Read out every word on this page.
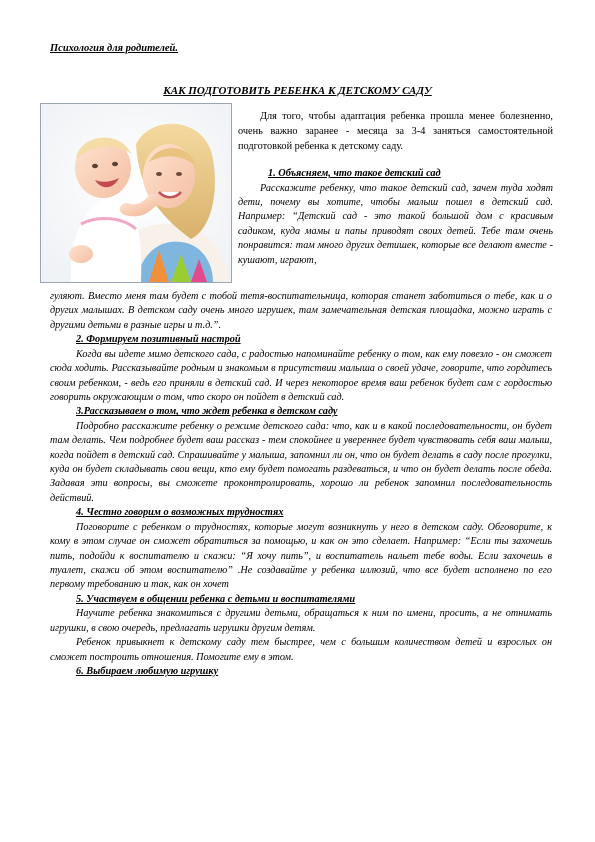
Психология для родителей.

КАК ПОДГОТОВИТЬ РЕБЕНКА К ДЕТСКОМУ САДУ

Для того, чтобы адаптация ребенка прошла менее болезненно, очень важно заранее - месяца за 3-4 заняться самостоятельной подготовкой ребенка к детскому саду.

1. Объясняем, что такое детский сад

Расскажите ребенку, что такое детский сад, зачем туда ходят дети, почему вы хотите, чтобы малыш пошел в детский сад. Например: “Детский сад - это такой большой дом с красивым садиком, куда мамы и папы приводят своих детей. Тебе там очень понравится: там много других детишек, которые все делают вместе - кушают, играют,

гуляют. Вместо меня там будет с тобой тетя-воспитательница, которая станет заботиться о тебе, как и о других малышах. В детском саду очень много игрушек, там замечательная детская площадка, можно играть с другими детьми в разные игры и т.д.”.

2. Формируем позитивный настрой

Когда вы идете мимо детского сада, с радостью напоминайте ребенку о том, как ему повезло - он сможет сюда ходить. Рассказывайте родным и знакомым в присутствии малыша о своей удаче, говорите, что гордитесь своим ребенком, - ведь его приняли в детский сад. И через некоторое время ваш ребенок будет сам с гордостью говорить окружающим о том, что скоро он пойдет в детский сад.

3.Рассказываем о том, что ждет ребенка в детском саду

Подробно расскажите ребенку о режиме детского сада: что, как и в какой последовательности, он будет там делать. Чем подробнее будет ваш рассказ - тем спокойнее и увереннее будет чувствовать себя ваш малыш, когда пойдет в детский сад. Спрашивайте у малыша, запомнил ли он, что он будет делать в саду после прогулки, куда он будет складывать свои вещи, кто ему будет помогать раздеваться, и что он будет делать после обеда. Задавая эти вопросы, вы сможете проконтролировать, хорошо ли ребенок запомнил последовательность действий.

4. Честно говорим о возможных трудностях

Поговорите с ребенком о трудностях, которые могут возникнуть у него в детском саду. Обговорите, к кому в этом случае он сможет обратиться за помощью, и как он это сделает. Например: “Если ты захочешь пить, подойди к воспитателю и скажи: “Я хочу пить”, и воспитатель нальет тебе воды. Если захочешь в туалет, скажи об этом воспитателю” .Не создавайте у ребенка иллюзий, что все будет исполнено по его первому требованию и так, как он хочет

5. Участвуем в общении ребенка с детьми и воспитателями

Научите ребенка знакомиться с другими детьми, обращаться к ним по имени, просить, а не отнимать игрушки, в свою очередь, предлагать игрушки другим детям.

Ребенок привыкнет к детскому саду тем быстрее, чем с большим количеством детей и взрослых он сможет построить отношения. Помогите ему в этом.

6. Выбираем любимую игрушку
